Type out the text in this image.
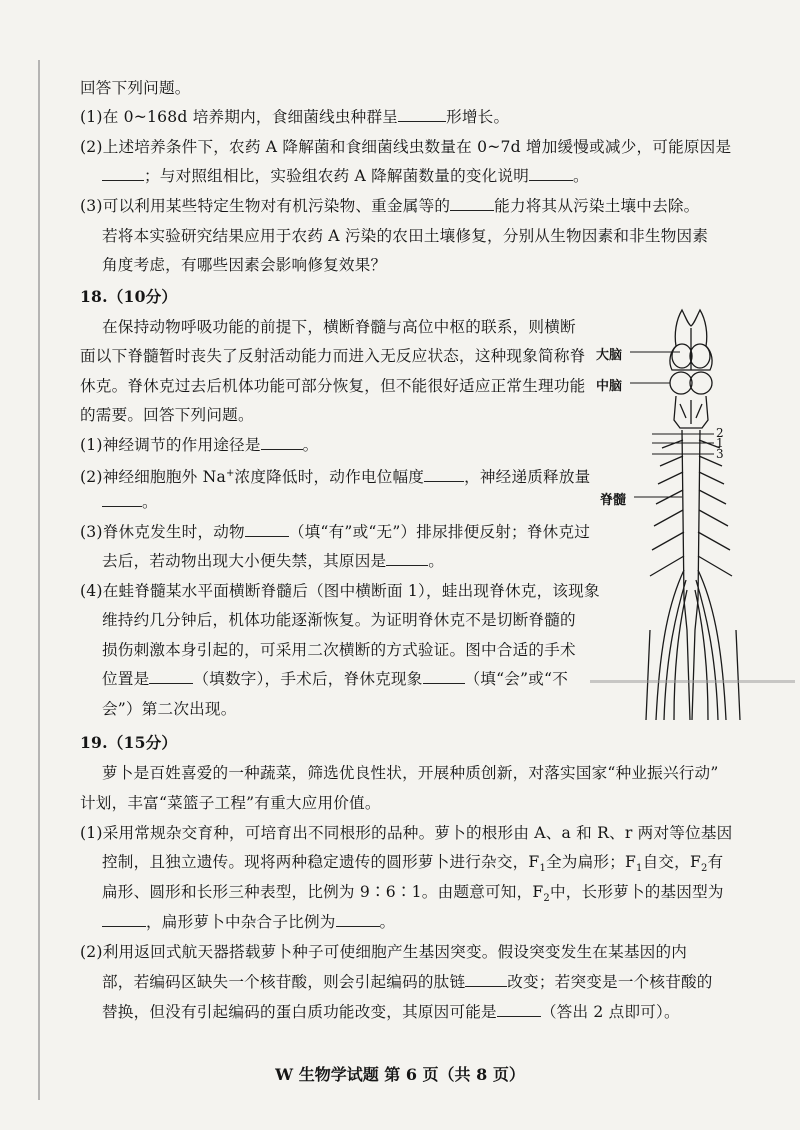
回答下列问题。
(1)在 0~168d 培养期内，食细菌线虫种群呈	形增长。
(2)上述培养条件下，农药 A 降解菌和食细菌线虫数量在 0~7d 增加缓慢或减少，可能原因是
；与对照组相比，实验组农药 A 降解菌数量的变化说明	。
(3)可以利用某些特定生物对有机污染物、重金属等的	能力将其从污染土壤中去除。
若将本实验研究结果应用于农药 A 污染的农田土壤修复，分别从生物因素和非生物因素
角度考虑，有哪些因素会影响修复效果？
18.（10分）
在保持动物呼吸功能的前提下，横断脊髓与高位中枢的联系，则横断
面以下脊髓暂时丧失了反射活动能力而进入无反应状态，这种现象简称脊
休克。脊休克过去后机体功能可部分恢复，但不能很好适应正常生理功能
的需要。回答下列问题。
(1)神经调节的作用途径是	。
(2)神经细胞胞外 Na+浓度降低时，动作电位幅度	，神经递质释放量
。
(3)脊休克发生时，动物	（填“有”或“无”）排尿排便反射；脊休克过
去后，若动物出现大小便失禁，其原因是	。
(4)在蛙脊髓某水平面横断脊髓后（图中横断面 1），蛙出现脊休克，该现象
维持约几分钟后，机体功能逐渐恢复。为证明脊休克不是切断脊髓的
损伤刺激本身引起的，可采用二次横断的方式验证。图中合适的手术
位置是	（填数字），手术后，脊休克现象	（填“会”或“不
会”）第二次出现。
大脑
中脑
脊髓
2
1
3
19.（15分）
萝卜是百姓喜爱的一种蔬菜，筛选优良性状，开展种质创新，对落实国家“种业振兴行动”
计划，丰富“菜篮子工程”有重大应用价值。
(1)采用常规杂交育种，可培育出不同根形的品种。萝卜的根形由 A、a 和 R、r 两对等位基因
控制，且独立遗传。现将两种稳定遗传的圆形萝卜进行杂交，$F_1$全为扁形；$F_1$自交，$F_2$有
扁形、圆形和长形三种表型，比例为 9∶6∶1。由题意可知，$F_2$中，长形萝卜的基因型为
，扁形萝卜中杂合子比例为	。
(2)利用返回式航天器搭载萝卜种子可使细胞产生基因突变。假设突变发生在某基因的内
部，若编码区缺失一个核苷酸，则会引起编码的肽链	改变；若突变是一个核苷酸的
替换，但没有引起编码的蛋白质功能改变，其原因可能是	（答出 2 点即可）。
W 生物学试题 第 6 页（共 8 页）
